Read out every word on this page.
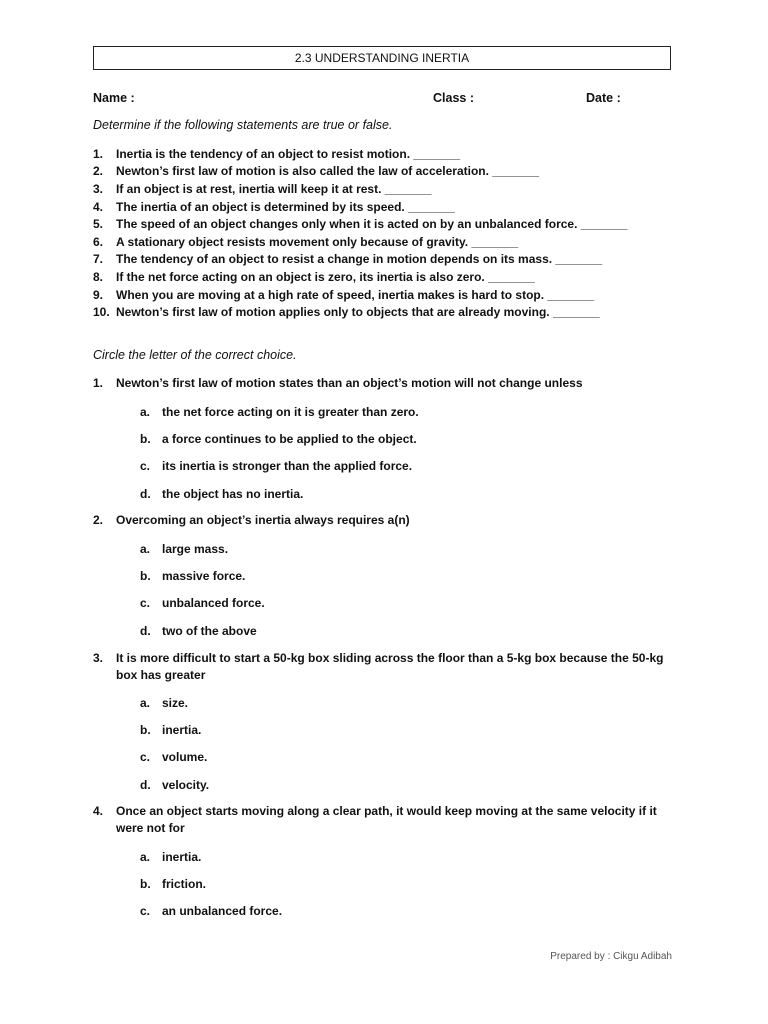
2.3 UNDERSTANDING INERTIA
Name :	Class :	Date :
Determine if the following statements are true or false.
1.	Inertia is the tendency of an object to resist motion. _______
2.	Newton’s first law of motion is also called the law of acceleration. _______
3.	If an object is at rest, inertia will keep it at rest. _______
4.	The inertia of an object is determined by its speed. _______
5.	The speed of an object changes only when it is acted on by an unbalanced force. _______
6.	A stationary object resists movement only because of gravity. _______
7.	The tendency of an object to resist a change in motion depends on its mass. _______
8.	If the net force acting on an object is zero, its inertia is also zero. _______
9.	When you are moving at a high rate of speed, inertia makes is hard to stop. _______
10. Newton’s first law of motion applies only to objects that are already moving. _______
Circle the letter of the correct choice.
1.	Newton’s first law of motion states than an object’s motion will not change unless
a. the net force acting on it is greater than zero.
b. a force continues to be applied to the object.
c. its inertia is stronger than the applied force.
d. the object has no inertia.
2.	Overcoming an object’s inertia always requires a(n)
a. large mass.
b. massive force.
c. unbalanced force.
d. two of the above
3.	It is more difficult to start a 50-kg box sliding across the floor than a 5-kg box because the 50-kg box has greater
a. size.
b. inertia.
c. volume.
d. velocity.
4.	Once an object starts moving along a clear path, it would keep moving at the same velocity if it were not for
a. inertia.
b. friction.
c. an unbalanced force.
Prepared by : Cikgu Adibah
